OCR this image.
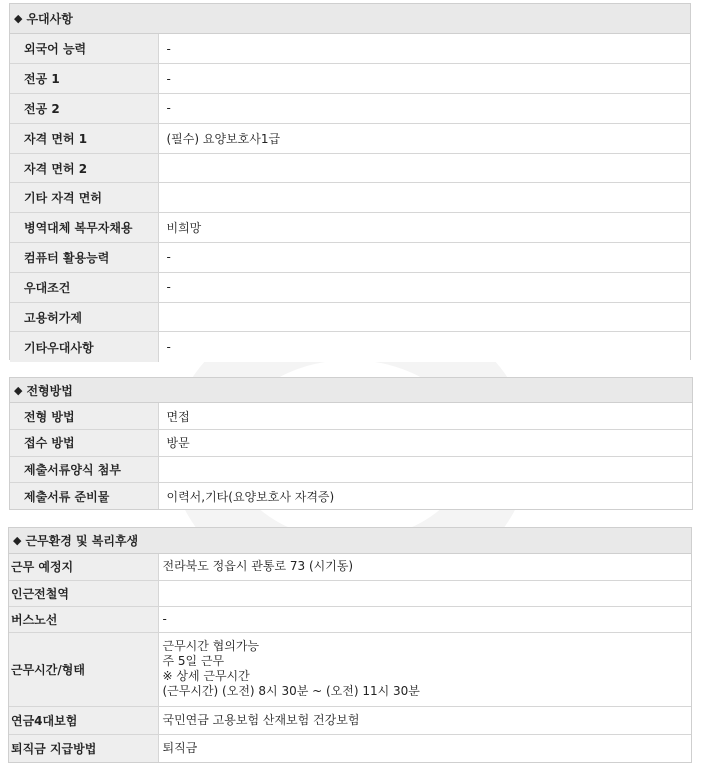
◆ 우대사항
외국어 능력	-
전공 1	-
전공 2	-
자격 면허 1	(필수) 요양보호사1급
자격 면허 2	
기타 자격 면허	
병역대체 복무자채용	비희망
컴퓨터 활용능력	-
우대조건	-
고용허가제	
기타우대사항	-
◆ 전형방법
전형 방법	면접
접수 방법	방문
제출서류양식 첨부	
제출서류 준비물	이력서,기타(요양보호사 자격증)
◆ 근무환경 및 복리후생
근무 예정지	전라북도 정읍시 관통로 73 (시기동)

인근전철역	

버스노선	-

근무시간/형태	근무시간 협의가능
주 5일 근무
※ 상세 근무시간
(근무시간) (오전) 8시 30분 ~ (오전) 11시 30분

연금4대보험	국민연금 고용보험 산재보험 건강보험

퇴직금 지급방법	퇴직금
